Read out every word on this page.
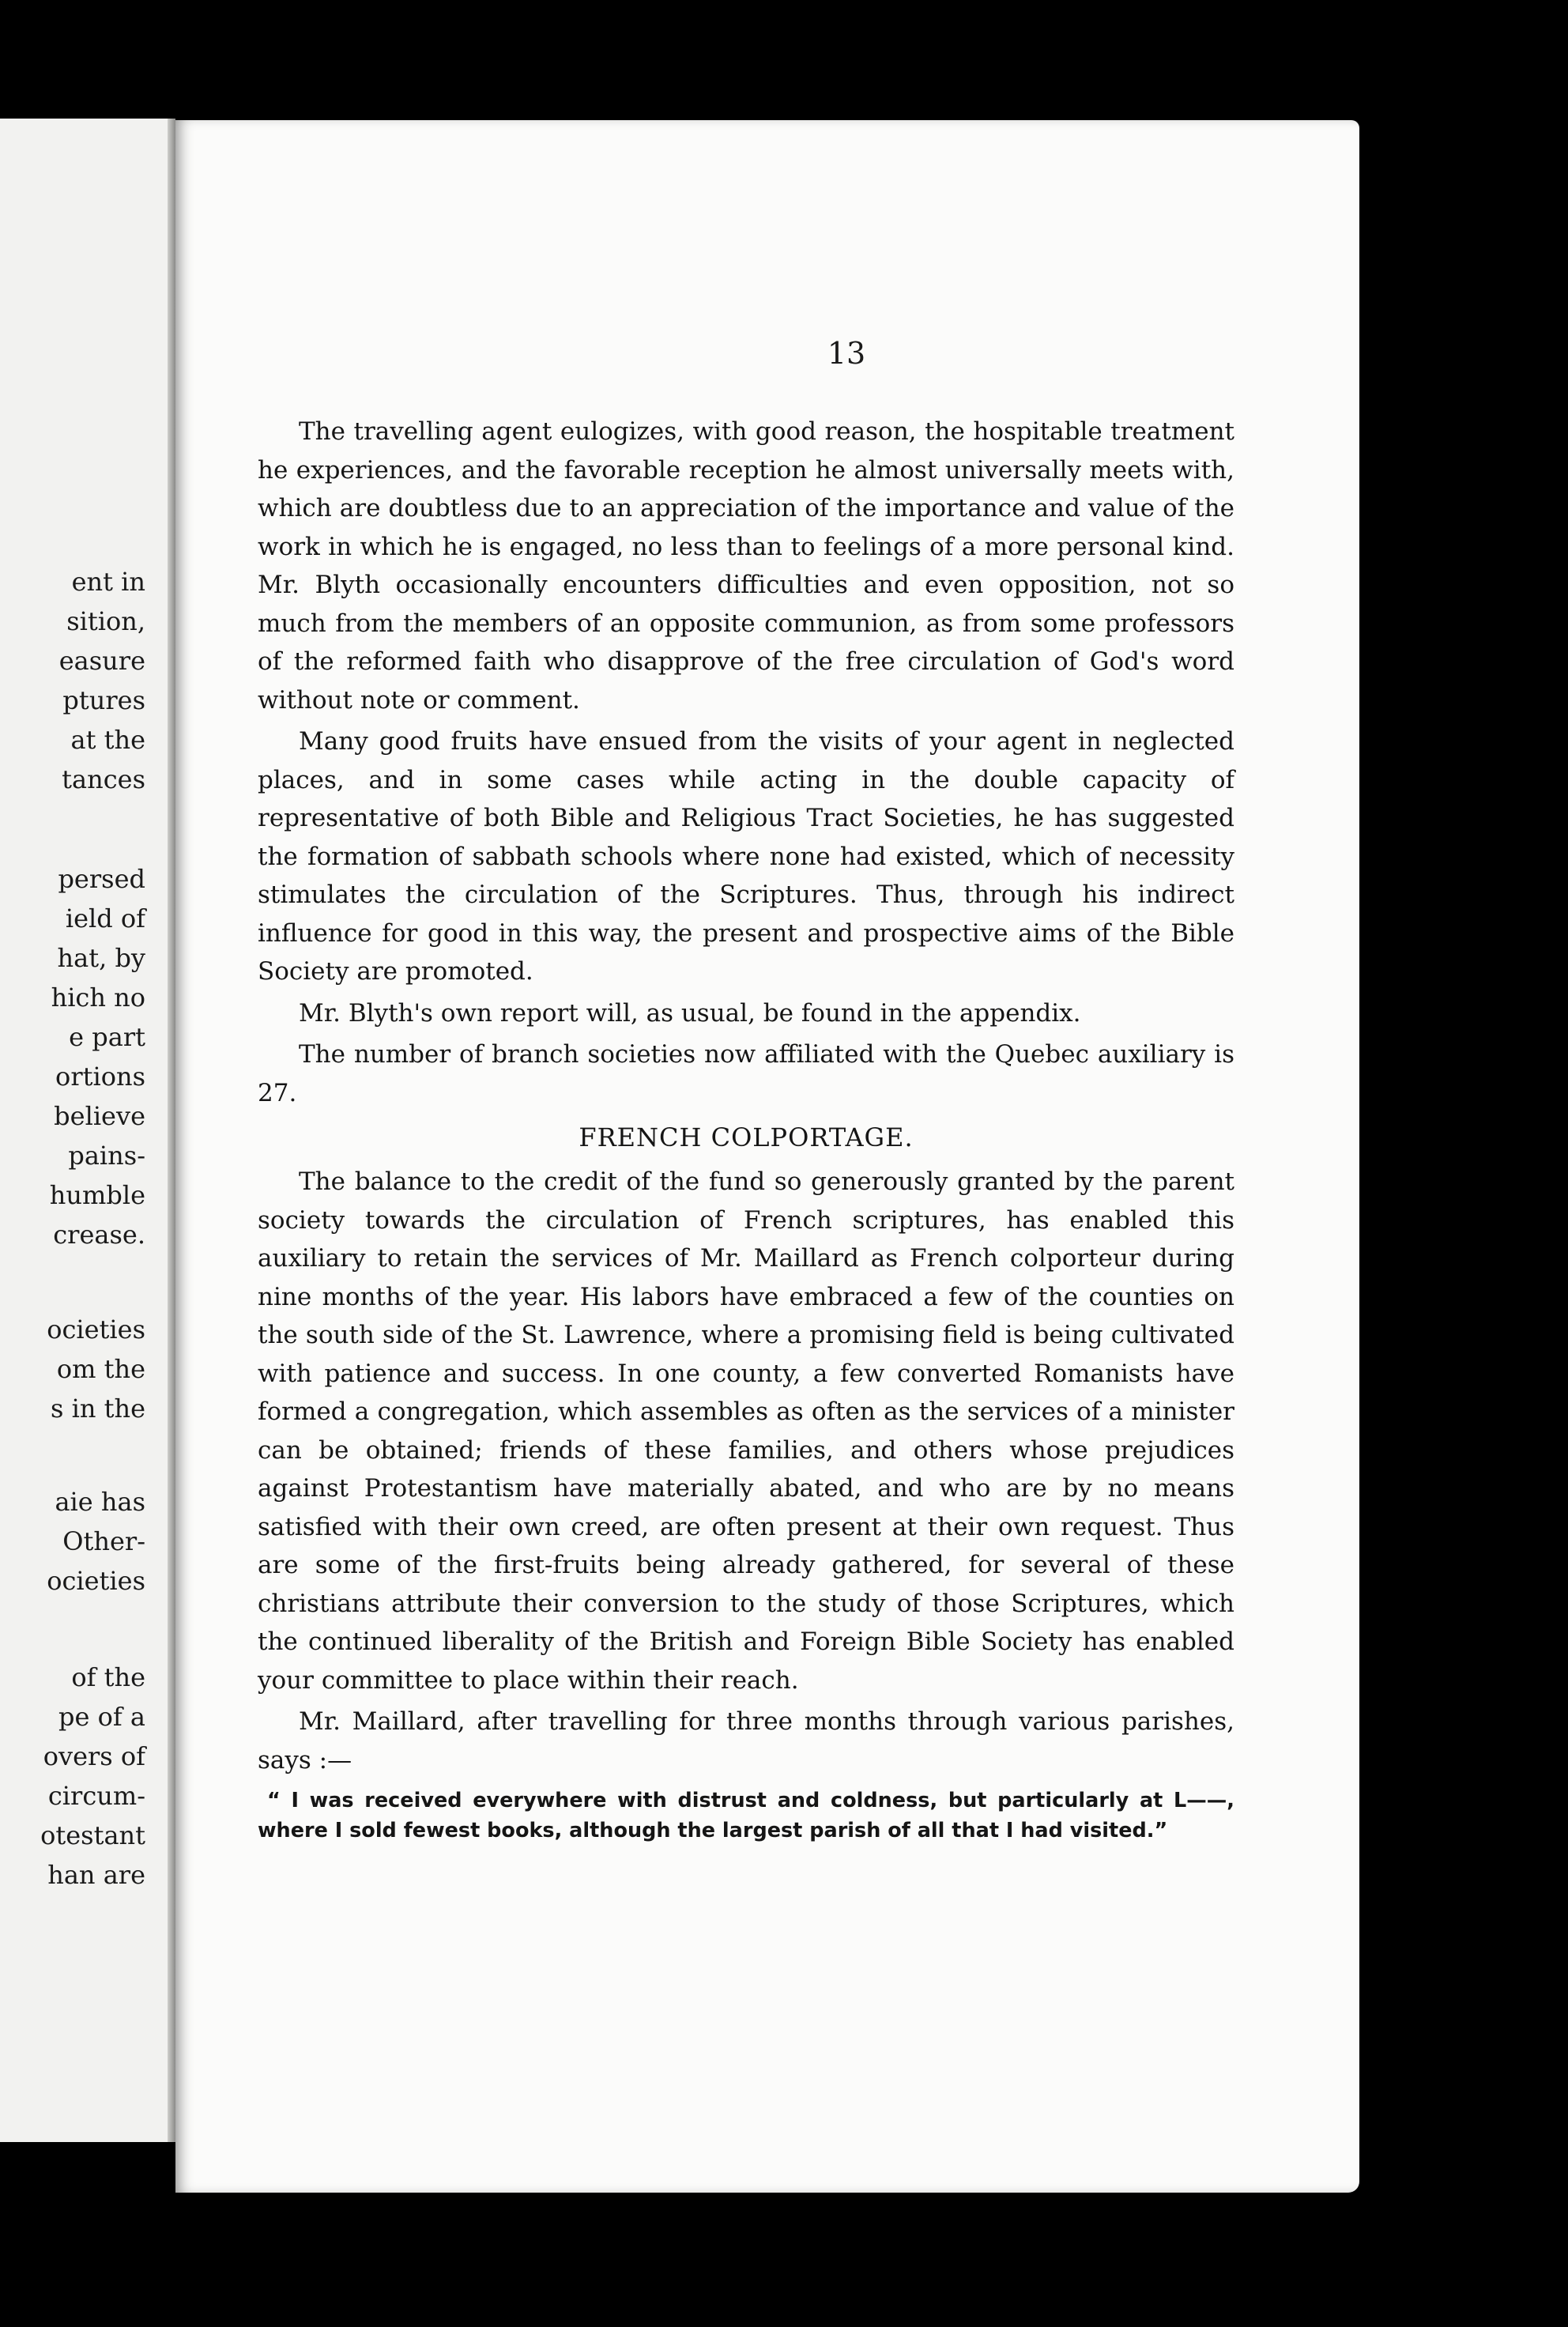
ent in
sition,
easure
ptures
at the
tances
persed
ield of
hat, by
hich no
e part
ortions
believe
pains-
humble
crease.
ocieties
om the
s in the
aie has
Other-
ocieties
of the
pe of a
overs of
circum-
otestant
han are
13

The travelling agent eulogizes, with good reason, the hospitable treatment he experiences, and the favorable reception he almost universally meets with, which are doubtless due to an appreciation of the importance and value of the work in which he is engaged, no less than to feelings of a more personal kind. Mr. Blyth occasionally encounters difficulties and even opposition, not so much from the members of an opposite communion, as from some professors of the reformed faith who disapprove of the free circulation of God's word without note or comment.

Many good fruits have ensued from the visits of your agent in neglected places, and in some cases while acting in the double capacity of representative of both Bible and Religious Tract Societies, he has suggested the formation of sabbath schools where none had existed, which of necessity stimulates the circulation of the Scriptures. Thus, through his indirect influence for good in this way, the present and prospective aims of the Bible Society are promoted.

Mr. Blyth's own report will, as usual, be found in the appendix.

The number of branch societies now affiliated with the Quebec auxiliary is 27.

FRENCH COLPORTAGE.

The balance to the credit of the fund so generously granted by the parent society towards the circulation of French scriptures, has enabled this auxiliary to retain the services of Mr. Maillard as French colporteur during nine months of the year. His labors have embraced a few of the counties on the south side of the St. Lawrence, where a promising field is being cultivated with patience and success. In one county, a few converted Romanists have formed a congregation, which assembles as often as the services of a minister can be obtained; friends of these families, and others whose prejudices against Protestantism have materially abated, and who are by no means satisfied with their own creed, are often present at their own request. Thus are some of the first-fruits being already gathered, for several of these christians attribute their conversion to the study of those Scriptures, which the continued liberality of the British and Foreign Bible Society has enabled your committee to place within their reach.

Mr. Maillard, after travelling for three months through various parishes, says :—

“ I was received everywhere with distrust and coldness, but particularly at L——, where I sold fewest books, although the largest parish of all that I had visited.”
